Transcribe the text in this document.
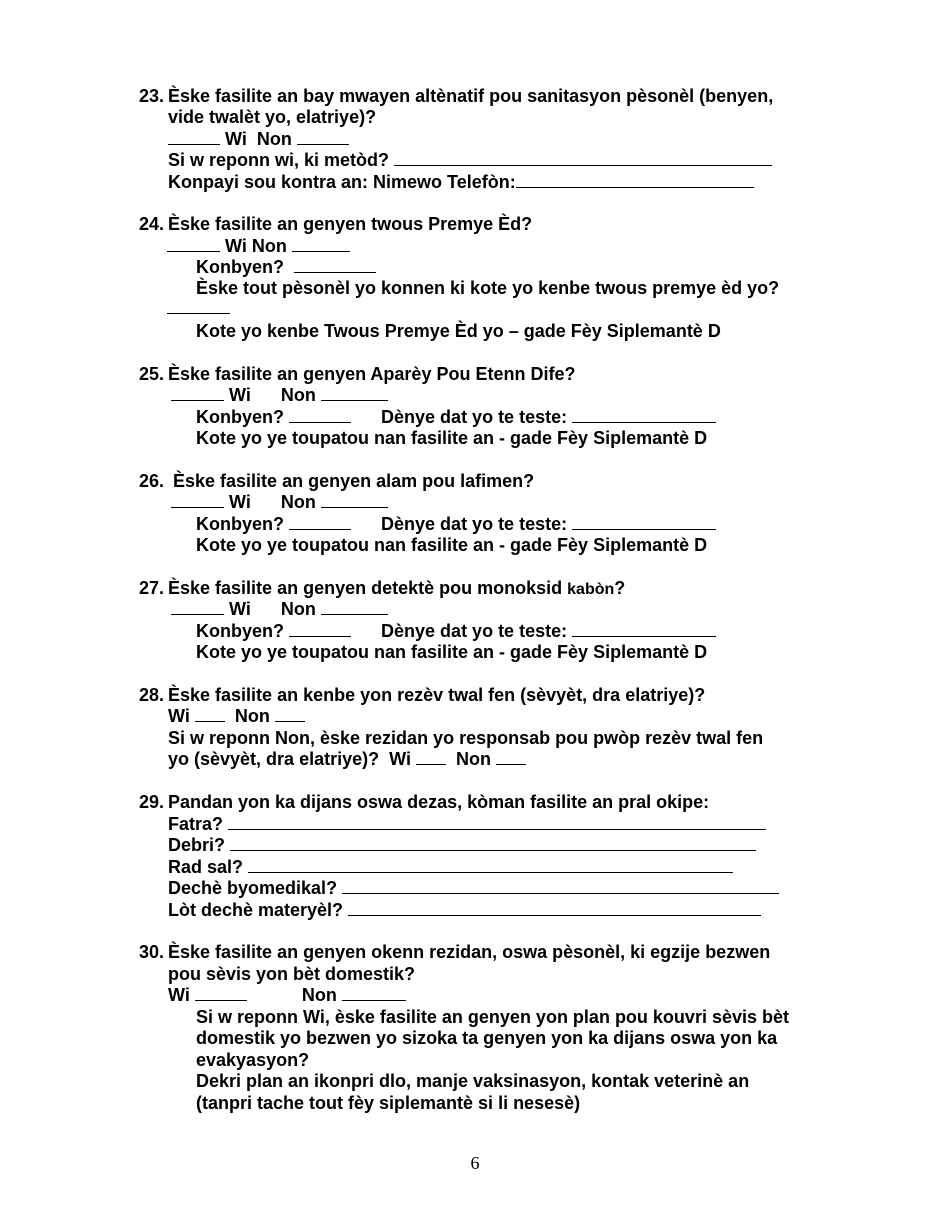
23. Èske fasilite an bay mwayen altènatif pou sanitasyon pèsonèl (benyen,
vide twalèt yo, elatriye)?
Wi Non
Si w reponn wi, ki metòd?
Konpayi sou kontra an: Nimewo Telefòn:
24. Èske fasilite an genyen twous Premye Èd?
Wi Non
Konbyen?
Èske tout pèsonèl yo konnen ki kote yo kenbe twous premye èd yo?
Kote yo kenbe Twous Premye Èd yo – gade Fèy Siplemantè D
25. Èske fasilite an genyen Aparèy Pou Etenn Dife?
Wi Non
Konbyen?	Dènye dat yo te teste:
Kote yo ye toupatou nan fasilite an - gade Fèy Siplemantè D
26. Èske fasilite an genyen alam pou lafimen?
Wi Non
Konbyen?	Dènye dat yo te teste:
Kote yo ye toupatou nan fasilite an - gade Fèy Siplemantè D
27. Èske fasilite an genyen detektè pou monoksid kabòn?
Wi Non
Konbyen?	Dènye dat yo te teste:
Kote yo ye toupatou nan fasilite an - gade Fèy Siplemantè D
28. Èske fasilite an kenbe yon rezèv twal fen (sèvyèt, dra elatriye)?
Wi	Non
Si w reponn Non, èske rezidan yo responsab pou pwòp rezèv twal fen
yo (sèvyèt, dra elatriye)? Wi	Non
29. Pandan yon ka dijans oswa dezas, kòman fasilite an pral okipe:
Fatra?
Debri?
Rad sal?
Dechè byomedikal?
Lòt dechè materyèl?
30. Èske fasilite an genyen okenn rezidan, oswa pèsonèl, ki egzije bezwen
pou sèvis yon bèt domestik?
Wi	Non
Si w reponn Wi, èske fasilite an genyen yon plan pou kouvri sèvis bèt
domestik yo bezwen yo sizoka ta genyen yon ka dijans oswa yon ka
evakyasyon?
Dekri plan an ikonpri dlo, manje vaksinasyon, kontak veterinè an
(tanpri tache tout fèy siplemantè si li nesesè)
6
